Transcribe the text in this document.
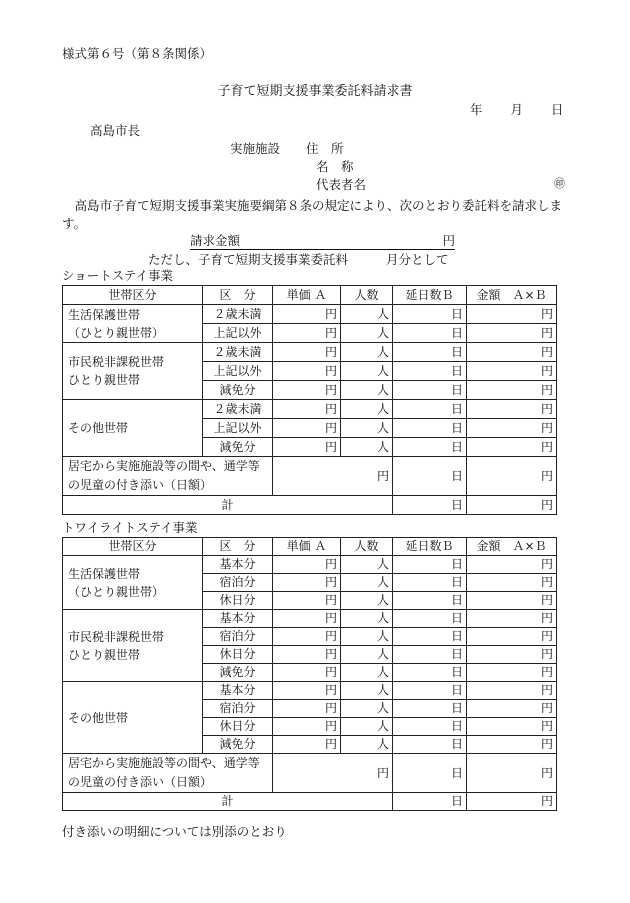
様式第６号（第８条関係）
子育て短期支援事業委託料請求書
年 月 日
高島市長
実施施設 住　所
名　称
代表者名	㊞
　高島市子育て短期支援事業実施要綱第８条の規定により、次のとおり委託料を請求します。
請求金額	円
ただし、子育て短期支援事業委託料	月分として
ショートステイ事業
世帯区分	区　分	単価 Ａ	人数	延日数Ｂ	金額　Ａ×Ｂ
生活保護世帯
（ひとり親世帯）	２歳未満	円	人	日	円
	上記以外	円	人	日	円
市民税非課税世帯
ひとり親世帯	２歳未満	円	人	日	円
	上記以外	円	人	日	円
	減免分	円	人	日	円
その他世帯	２歳未満	円	人	日	円
	上記以外	円	人	日	円
	減免分	円	人	日	円
居宅から実施施設等の間や、通学等の児童の付き添い（日額）		円		日	円
計				日	円
トワイライトステイ事業
世帯区分	区　分	単価 Ａ	人数	延日数Ｂ	金額　Ａ×Ｂ
生活保護世帯
（ひとり親世帯）	基本分	円	人	日	円
	宿泊分	円	人	日	円
	休日分	円	人	日	円
市民税非課税世帯
ひとり親世帯	基本分	円	人	日	円
	宿泊分	円	人	日	円
	休日分	円	人	日	円
	減免分	円	人	日	円
その他世帯	基本分	円	人	日	円
	宿泊分	円	人	日	円
	休日分	円	人	日	円
	減免分	円	人	日	円
居宅から実施施設等の間や、通学等の児童の付き添い（日額）		円		日	円
計				日	円
付き添いの明細については別添のとおり
